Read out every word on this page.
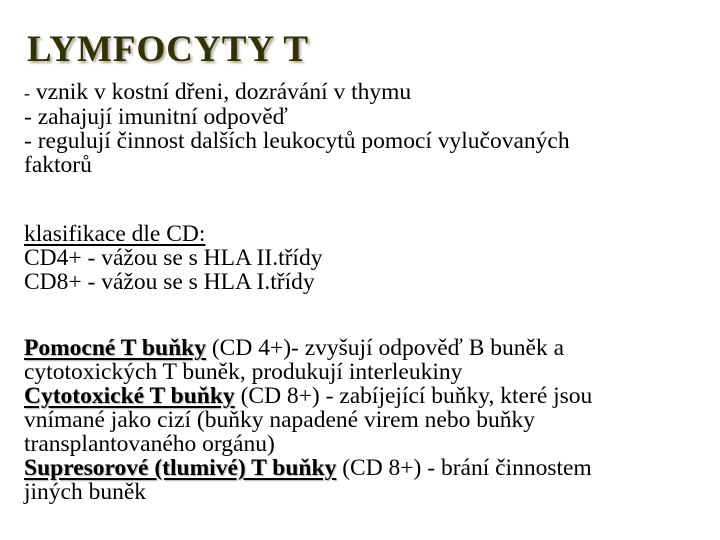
LYMFOCYTY T
- vznik v kostní dřeni, dozrávání v thymu
- zahajují imunitní odpověď
- regulují činnost dalších leukocytů pomocí vylučovaných
faktorů
klasifikace dle CD:
CD4+ - vážou se s HLA II.třídy
CD8+ - vážou se s HLA I.třídy
Pomocné T buňky (CD 4+)- zvyšují odpověď B buněk a
cytotoxických T buněk, produkují interleukiny
Cytotoxické T buňky (CD 8+) - zabíjející buňky, které jsou
vnímané jako cizí (buňky napadené virem nebo buňky
transplantovaného orgánu)
Supresorové (tlumivé) T buňky (CD 8+) - brání činnostem
jiných buněk
